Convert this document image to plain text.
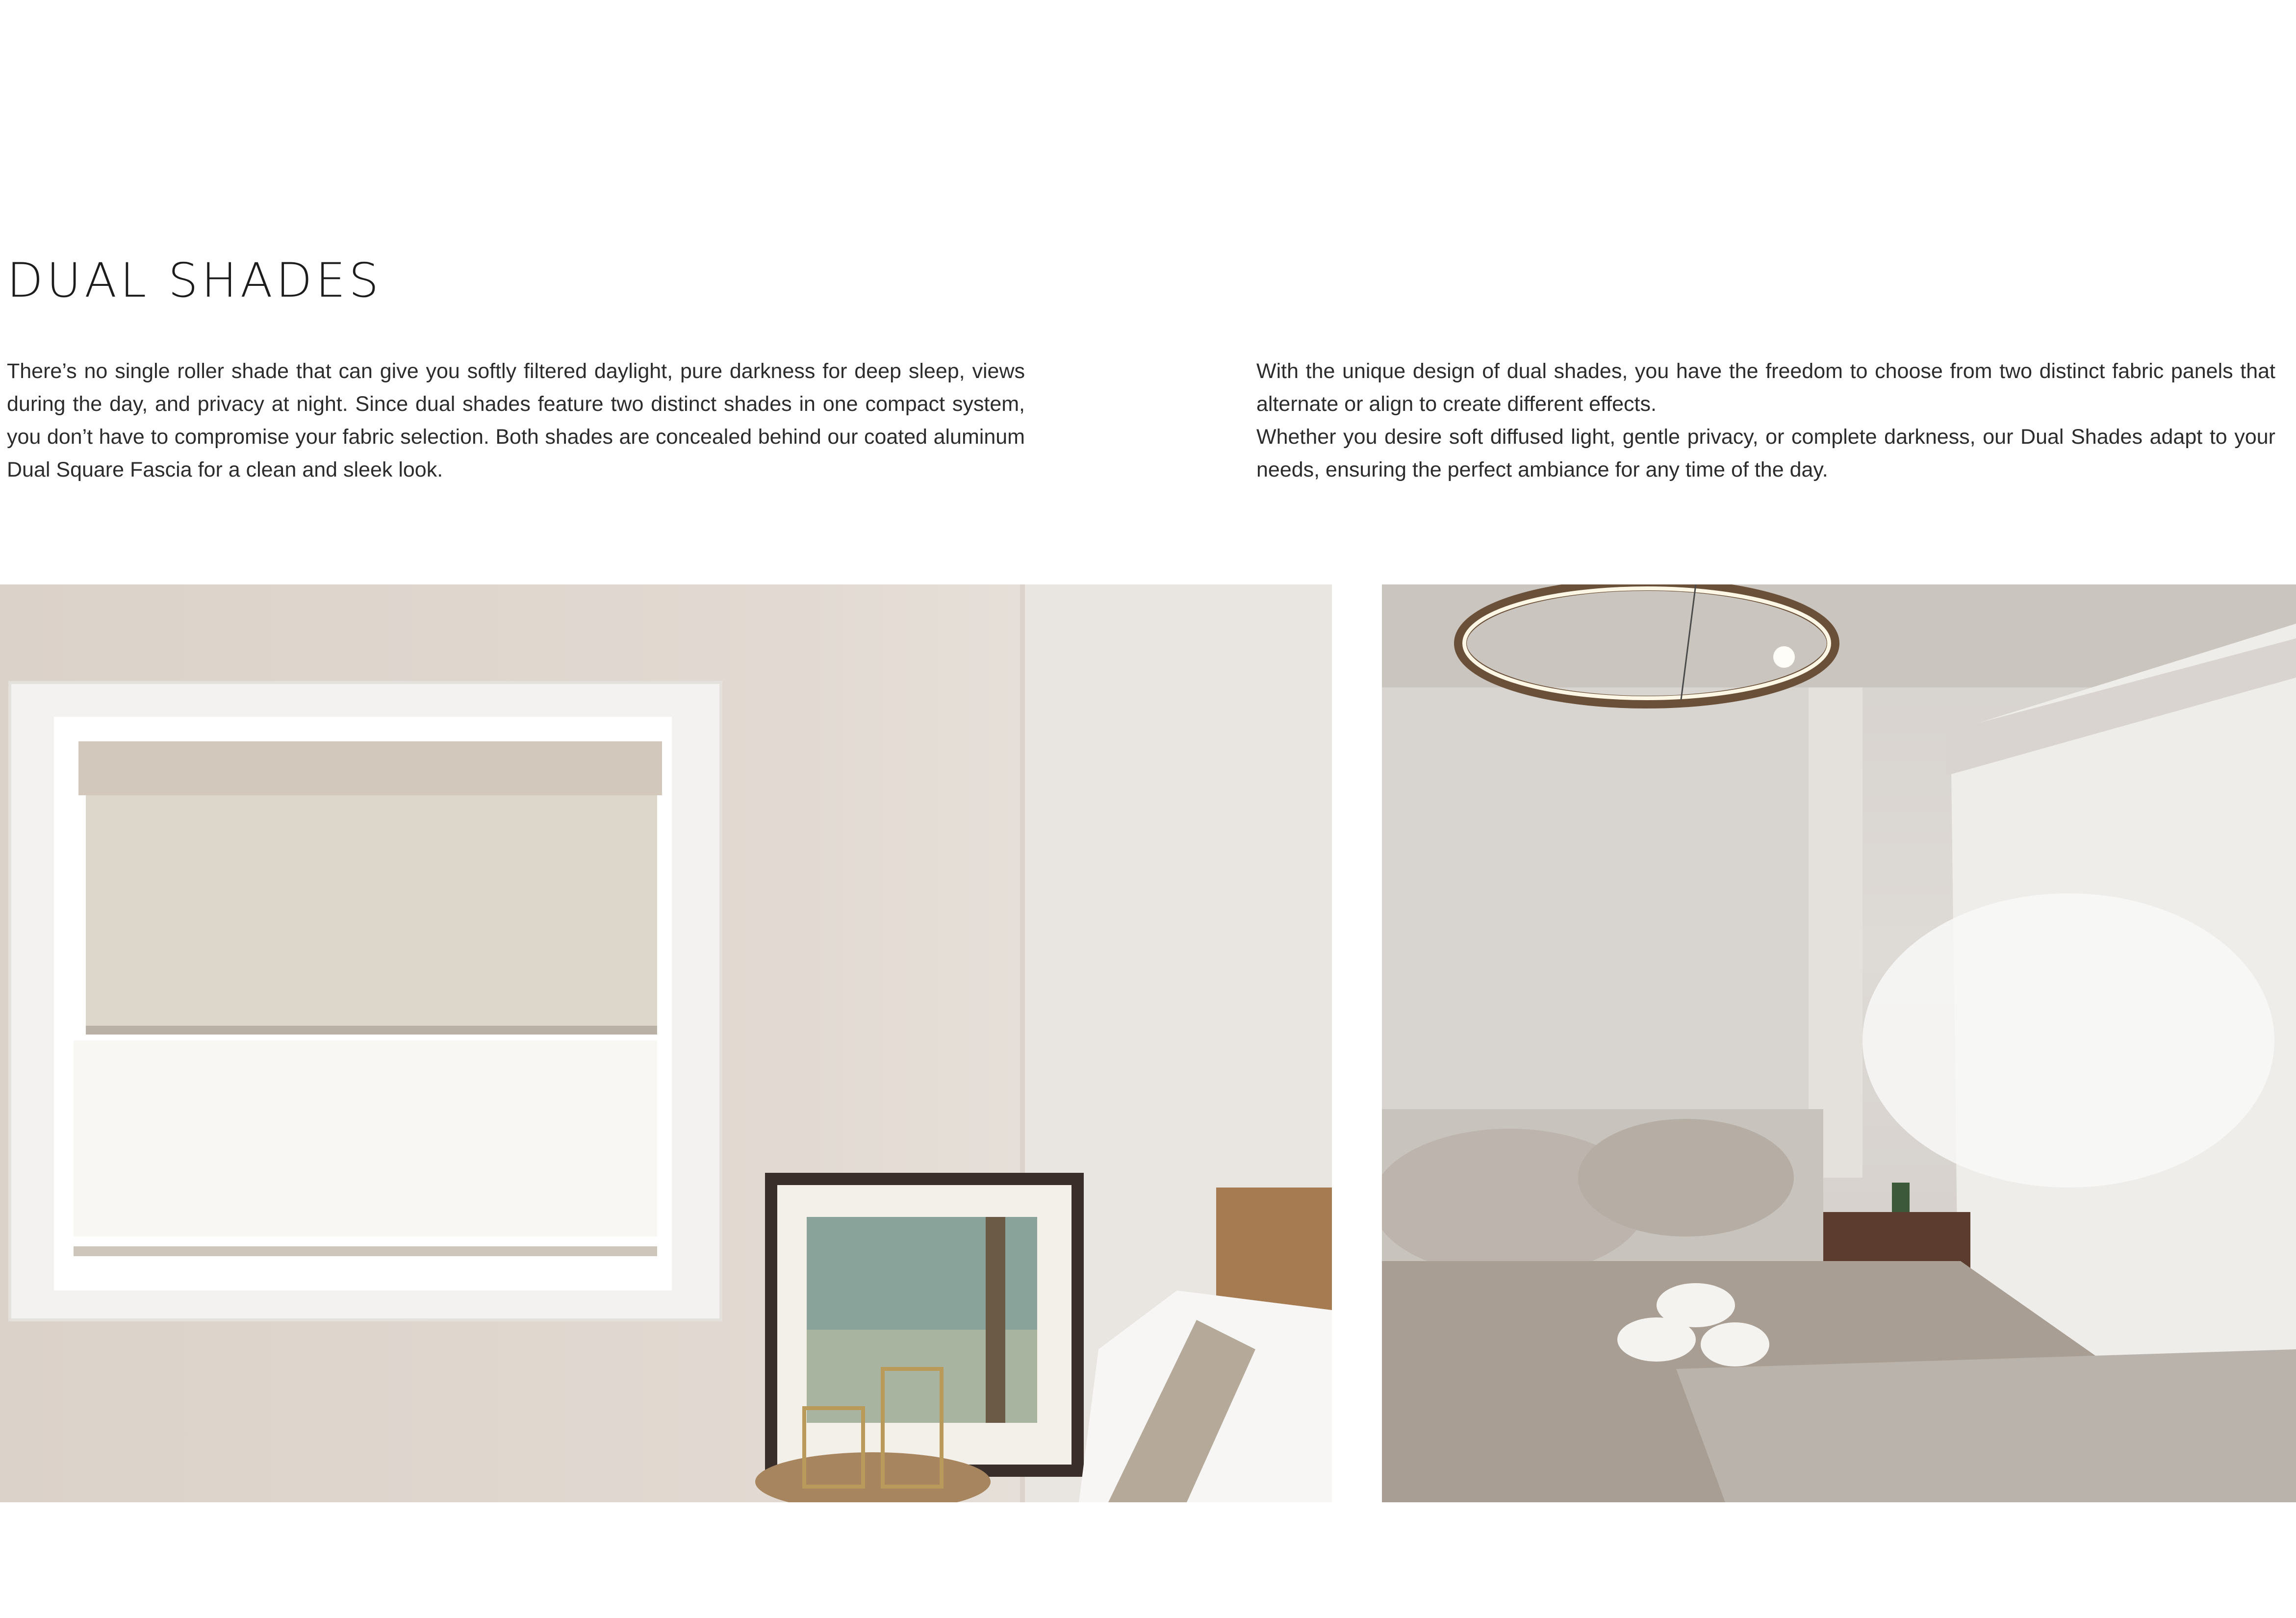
DUAL SHADES

There’s no single roller shade that can give you softly filtered daylight, pure darkness for deep sleep, views during the day, and privacy at night. Since dual shades feature two distinct shades in one compact system, you don’t have to compromise your fabric selection. Both shades are concealed behind our coated aluminum Dual Square Fascia for a clean and sleek look.

With the unique design of dual shades, you have the freedom to choose from two distinct fabric panels that alternate or align to create different effects.

Whether you desire soft diffused light, gentle privacy, or complete darkness, our Dual Shades adapt to your needs, ensuring the perfect ambiance for any time of the day.
